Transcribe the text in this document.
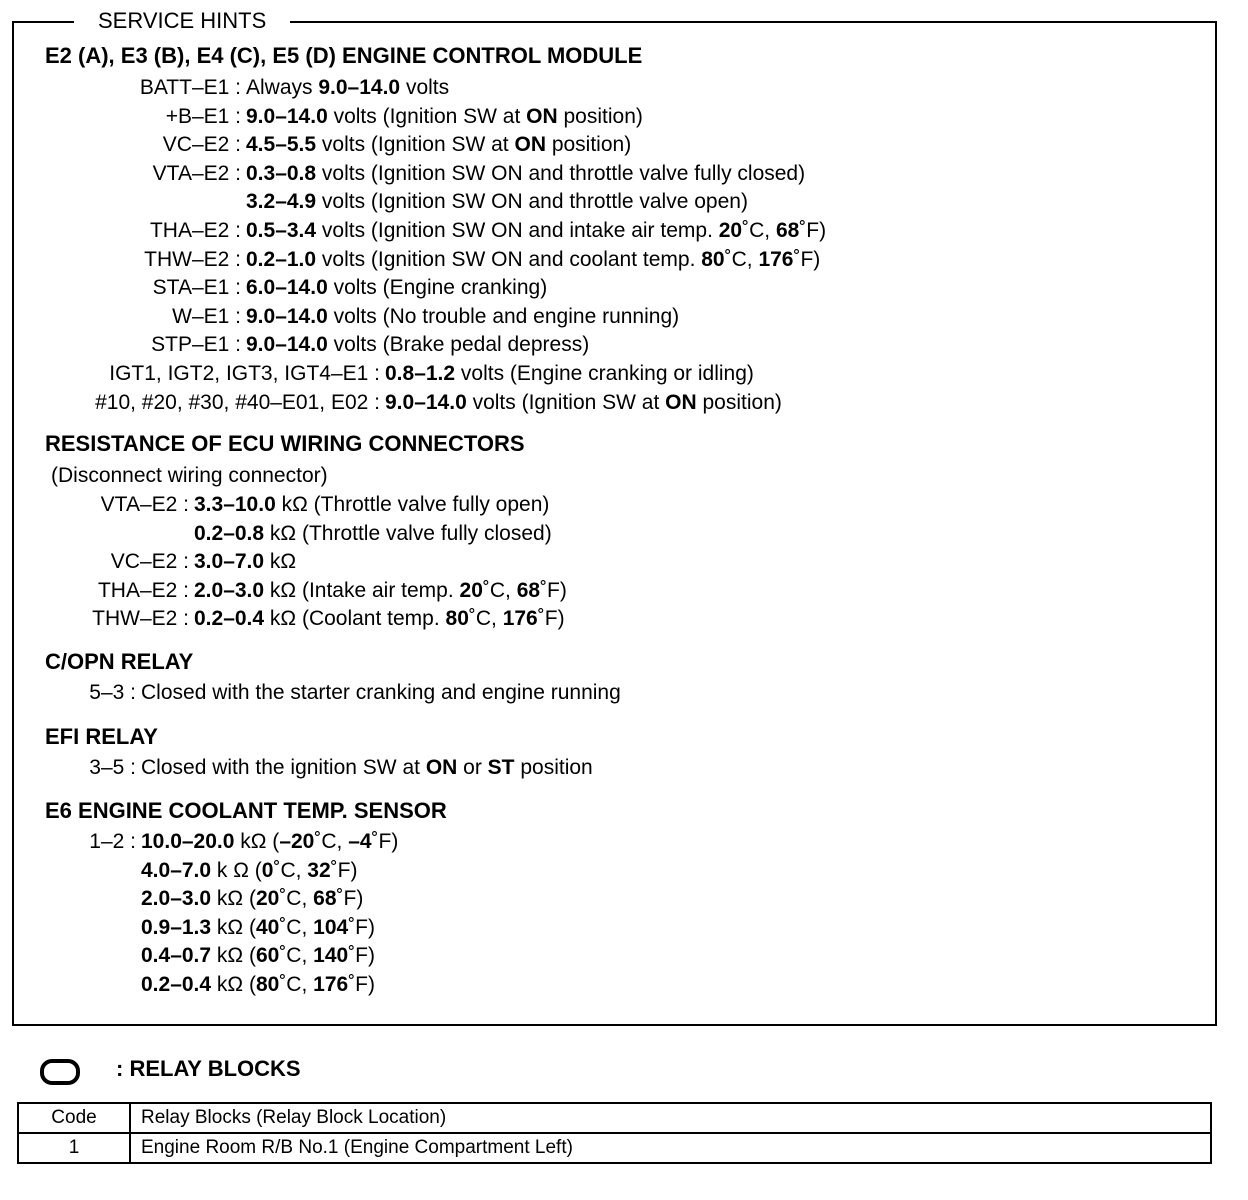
SERVICE HINTS
E2 (A), E3 (B), E4 (C), E5 (D) ENGINE CONTROL MODULE
BATT–E1 : Always 9.0–14.0 volts
+B–E1 : 9.0–14.0 volts (Ignition SW at ON position)
VC–E2 : 4.5–5.5 volts (Ignition SW at ON position)
VTA–E2 : 0.3–0.8 volts (Ignition SW ON and throttle valve fully closed)
3.2–4.9 volts (Ignition SW ON and throttle valve open)
THA–E2 : 0.5–3.4 volts (Ignition SW ON and intake air temp. 20˚C, 68˚F)
THW–E2 : 0.2–1.0 volts (Ignition SW ON and coolant temp. 80˚C, 176˚F)
STA–E1 : 6.0–14.0 volts (Engine cranking)
W–E1 : 9.0–14.0 volts (No trouble and engine running)
STP–E1 : 9.0–14.0 volts (Brake pedal depress)
IGT1, IGT2, IGT3, IGT4–E1 : 0.8–1.2 volts (Engine cranking or idling)
#10, #20, #30, #40–E01, E02 : 9.0–14.0 volts (Ignition SW at ON position)
RESISTANCE OF ECU WIRING CONNECTORS
(Disconnect wiring connector)
VTA–E2 : 3.3–10.0 kΩ (Throttle valve fully open)
0.2–0.8 kΩ (Throttle valve fully closed)
VC–E2 : 3.0–7.0 kΩ
THA–E2 : 2.0–3.0 kΩ (Intake air temp. 20˚C, 68˚F)
THW–E2 : 0.2–0.4 kΩ (Coolant temp. 80˚C, 176˚F)
C/OPN RELAY
5–3 : Closed with the starter cranking and engine running
EFI RELAY
3–5 : Closed with the ignition SW at ON or ST position
E6 ENGINE COOLANT TEMP. SENSOR
1–2 : 10.0–20.0 kΩ (–20˚C, –4˚F)
4.0–7.0 k Ω (0˚C, 32˚F)
2.0–3.0 kΩ (20˚C, 68˚F)
0.9–1.3 kΩ (40˚C, 104˚F)
0.4–0.7 kΩ (60˚C, 140˚F)
0.2–0.4 kΩ (80˚C, 176˚F)
: RELAY BLOCKS
Code	Relay Blocks (Relay Block Location)
1	Engine Room R/B No.1 (Engine Compartment Left)
